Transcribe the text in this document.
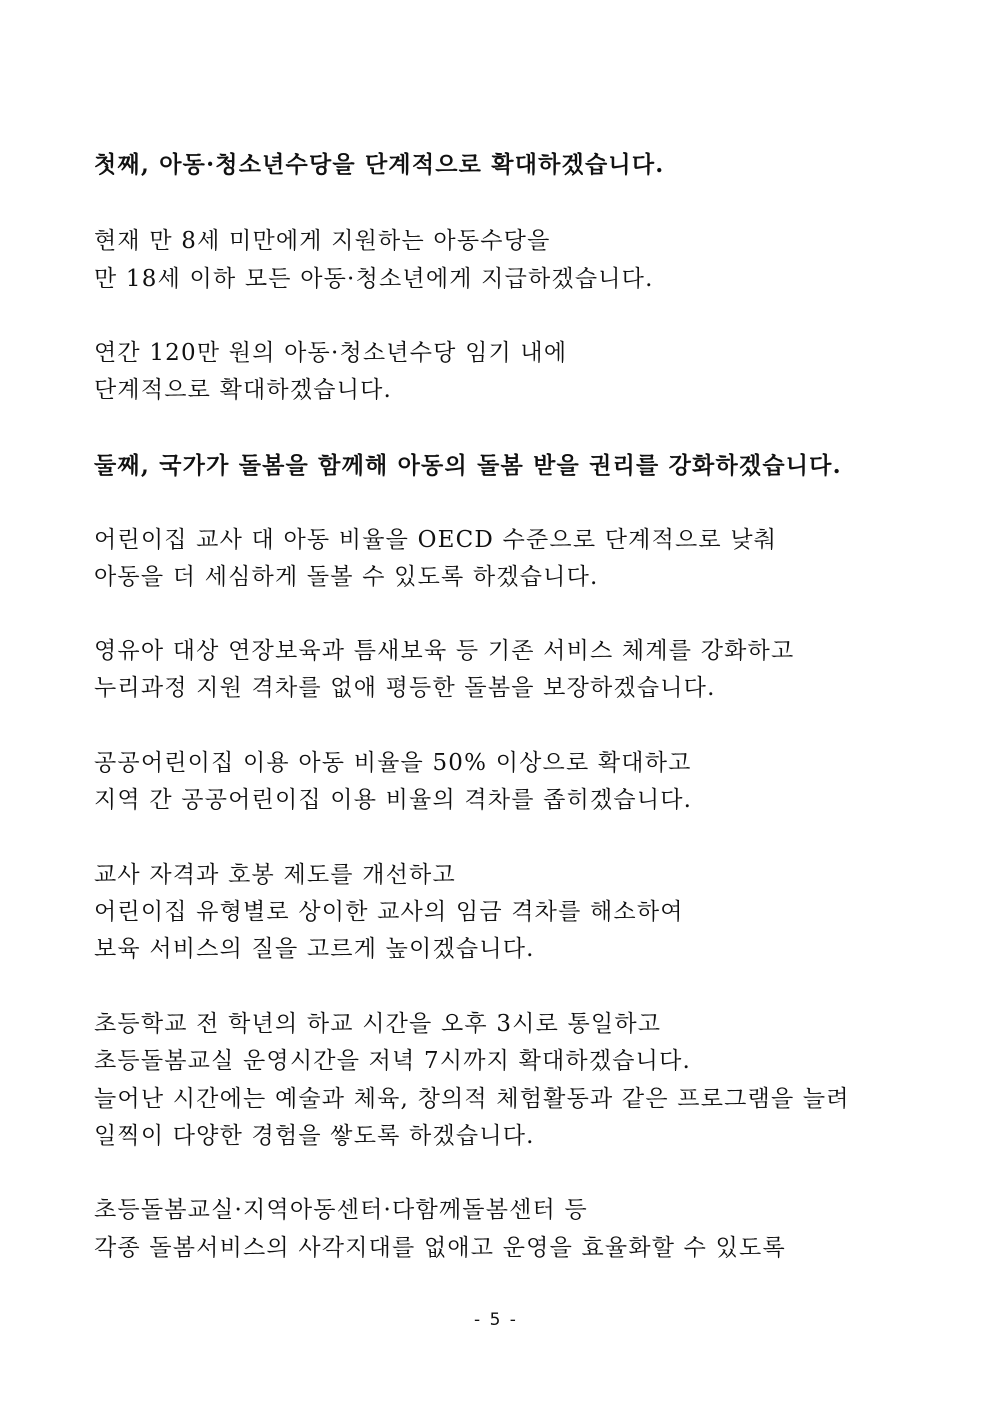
첫째, 아동·청소년수당을 단계적으로 확대하겠습니다.
현재 만 8세 미만에게 지원하는 아동수당을
만 18세 이하 모든 아동·청소년에게 지급하겠습니다.
연간 120만 원의 아동·청소년수당 임기 내에
단계적으로 확대하겠습니다.
둘째, 국가가 돌봄을 함께해 아동의 돌봄 받을 권리를 강화하겠습니다.
어린이집 교사 대 아동 비율을 OECD 수준으로 단계적으로 낮춰
아동을 더 세심하게 돌볼 수 있도록 하겠습니다.
영유아 대상 연장보육과 틈새보육 등 기존 서비스 체계를 강화하고
누리과정 지원 격차를 없애 평등한 돌봄을 보장하겠습니다.
공공어린이집 이용 아동 비율을 50% 이상으로 확대하고
지역 간 공공어린이집 이용 비율의 격차를 좁히겠습니다.
교사 자격과 호봉 제도를 개선하고
어린이집 유형별로 상이한 교사의 임금 격차를 해소하여
보육 서비스의 질을 고르게 높이겠습니다.
초등학교 전 학년의 하교 시간을 오후 3시로 통일하고
초등돌봄교실 운영시간을 저녁 7시까지 확대하겠습니다.
늘어난 시간에는 예술과 체육, 창의적 체험활동과 같은 프로그램을 늘려
일찍이 다양한 경험을 쌓도록 하겠습니다.
초등돌봄교실·지역아동센터·다함께돌봄센터 등
각종 돌봄서비스의 사각지대를 없애고 운영을 효율화할 수 있도록
- 5 -
